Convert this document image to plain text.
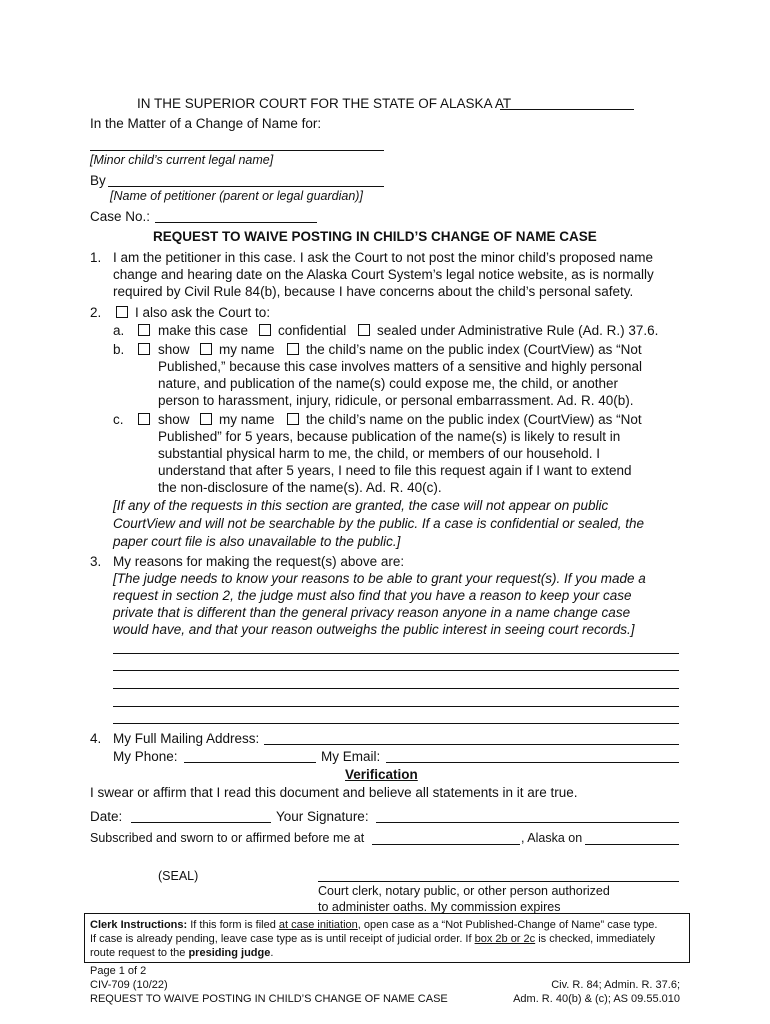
IN THE SUPERIOR COURT FOR THE STATE OF ALASKA AT
In the Matter of a Change of Name for:
[Minor child’s current legal name]
By
[Name of petitioner (parent or legal guardian)]
Case No.:
REQUEST TO WAIVE POSTING IN CHILD’S CHANGE OF NAME CASE
1. I am the petitioner in this case. I ask the Court to not post the minor child’s proposed name
change and hearing date on the Alaska Court System’s legal notice website, as is normally
required by Civil Rule 84(b), because I have concerns about the child’s personal safety.
2. I also ask the Court to:
a. make this case confidential sealed under Administrative Rule (Ad. R.) 37.6.
b. show my name the child’s name on the public index (CourtView) as “Not
Published,” because this case involves matters of a sensitive and highly personal
nature, and publication of the name(s) could expose me, the child, or another
person to harassment, injury, ridicule, or personal embarrassment. Ad. R. 40(b).
c.	show my name the child’s name on the public index (CourtView) as “Not
Published” for 5 years, because publication of the name(s) is likely to result in
substantial physical harm to me, the child, or members of our household. I
understand that after 5 years, I need to file this request again if I want to extend
the non-disclosure of the name(s). Ad. R. 40(c).
[If any of the requests in this section are granted, the case will not appear on public
CourtView and will not be searchable by the public. If a case is confidential or sealed, the
paper court file is also unavailable to the public.]
3. My reasons for making the request(s) above are:
[The judge needs to know your reasons to be able to grant your request(s). If you made a
request in section 2, the judge must also find that you have a reason to keep your case
private that is different than the general privacy reason anyone in a name change case
would have, and that your reason outweighs the public interest in seeing court records.]
4. My Full Mailing Address:
My Phone:	My Email:
Verification
I swear or affirm that I read this document and believe all statements in it are true.
Date:	Your Signature:
Subscribed and sworn to or affirmed before me at	, Alaska on
(SEAL)
Court clerk, notary public, or other person authorized
to administer oaths. My commission expires
Clerk Instructions: If this form is filed at case initiation, open case as a “Not Published-Change of Name” case type.
If case is already pending, leave case type as is until receipt of judicial order. If box 2b or 2c is checked, immediately
route request to the presiding judge.
Page 1 of 2
CIV-709 (10/22)
REQUEST TO WAIVE POSTING IN CHILD’S CHANGE OF NAME CASE
Civ. R. 84; Admin. R. 37.6;
Adm. R. 40(b) & (c); AS 09.55.010
